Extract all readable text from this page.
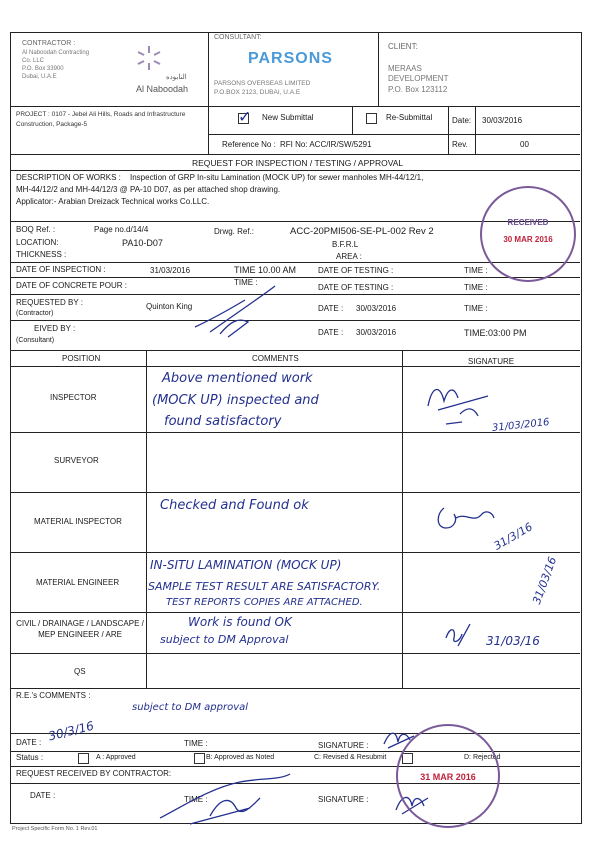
CONTRACTOR :
Al Naboodah Contracting
Co. LLC
P.O. Box 33900
Dubai, U.A.E	النابوده
Al Naboodah
CONSULTANT:
PARSONS
PARSONS OVERSEAS LIMITED
P.O.BOX 2123, DUBAI, U.A.E
CLIENT:
MERAAS
DEVELOPMENT
P.O. Box 123112
PROJECT : 0107 - Jebel Ali Hills, Roads and Infrastructure Construction, Package-5	✓ New Submittal	Re-Submittal Date: 30/03/2016
Reference No : RFI No: ACC/IR/SW/5291	Rev.	00
REQUEST FOR INSPECTION / TESTING / APPROVAL
DESCRIPTION OF WORKS : Inspection of GRP In-situ Lamination (MOCK UP) for sewer manholes MH-44/12/1,
MH-44/12/2 and MH-44/12/3 @ PA-10 D07, as per attached shop drawing.
Applicator:- Arabian Dreizack Technical works Co.LLC.
BOQ Ref. :	Page no.d/14/4	Drwg. Ref.:	ACC-20PMI506-SE-PL-002 Rev 2
LOCATION:	PA10-D07	B.F.R.L
THICKNESS :	AREA :
DATE OF INSPECTION :	31/03/2016	TIME 10.00 AM	DATE OF TESTING :	TIME :
DATE OF CONCRETE POUR :	TIME :
DATE OF TESTING :	TIME :
REQUESTED BY :
(Contractor)
Quinton King	DATE : 30/03/2016	TIME :
EIVED BY :
(Consultant)
DATE : 30/03/2016	TIME:03:00 PM
POSITION	COMMENTS	SIGNATURE
INSPECTOR
Above mentioned work
(MOCK UP) inspected and
found satisfactory	31/03/2016
SURVEYOR
MATERIAL INSPECTOR
Checked and Found ok
31/3/16
MATERIAL ENGINEER
IN-SITU LAMINATION (MOCK UP)
SAMPLE TEST RESULT ARE SATISFACTORY.
TEST REPORTS COPIES ARE ATTACHED.	31/03/16
CIVIL / DRAINAGE / LANDSCAPE / MEP ENGINEER / ARE
Work is found OK
subject to DM Approval	31/03/16
QS
R.E.'s COMMENTS :
subject to DM approval
DATE : 30/3/16
TIME :	SIGNATURE :
Status :	A : Approved	B: Approved as Noted	C: Revised & Resubmit	D: Rejected
REQUEST RECEIVED BY CONTRACTOR:
DATE :	TIME :	SIGNATURE :
Project Specific Form No. 1 Rev.01
RECEIVED
30 MAR 2016
31 MAR 2016
